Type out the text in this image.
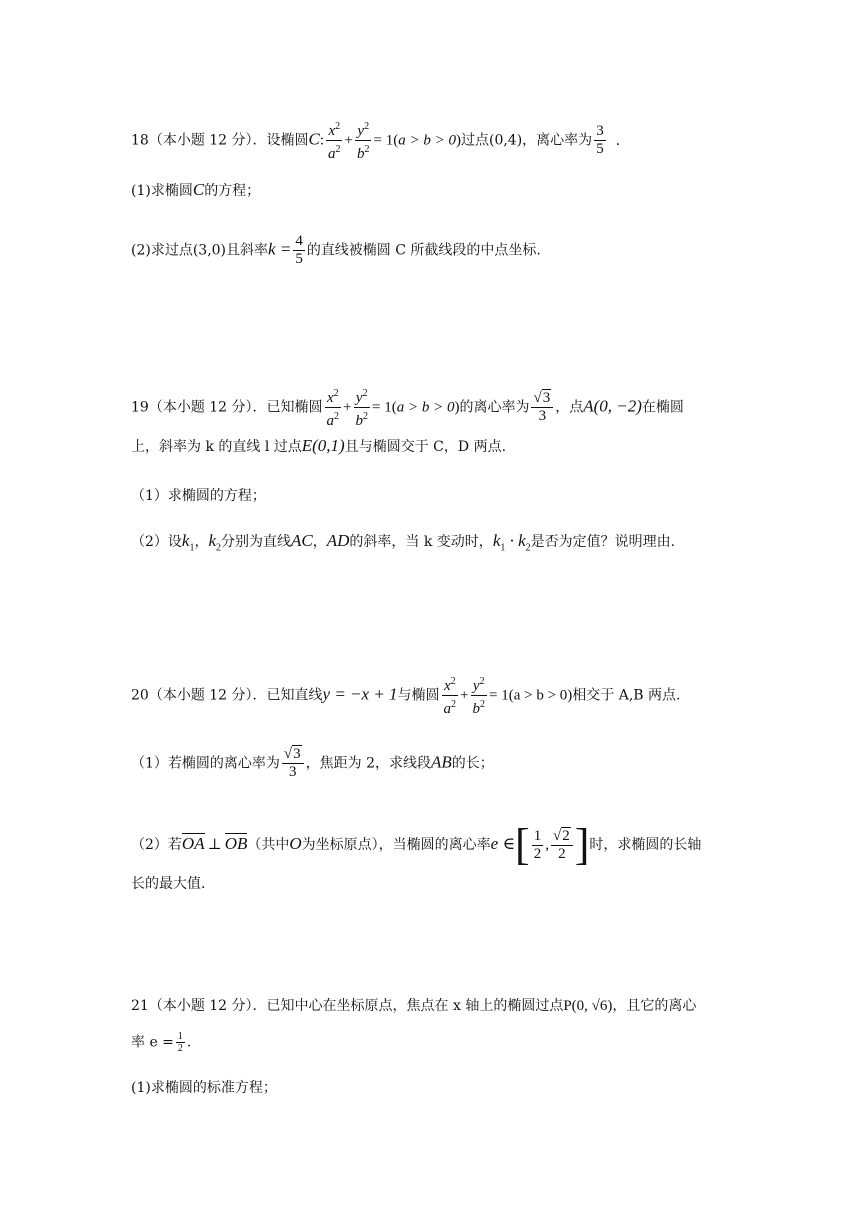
18（本小题 12 分）．设椭圆C: $\frac{x^2}{a^2} + \frac{y^2}{b^2} = 1(a > b > 0)$过点(0,4)，离心率为 $\frac{3}{5}$ ．
(1)求椭圆C的方程；
(2)求过点(3,0)且斜率$k = \frac{4}{5}$ 的直线被椭圆 C 所截线段的中点坐标.
19（本小题 12 分）．已知椭圆 $\frac{x^2}{a^2} + \frac{y^2}{b^2} = 1(a > b > 0)$的离心率为 $\frac{√3}{3}$ ，点A(0, −2)在椭圆
上，斜率为 k 的直线 l 过点E(0,1)且与椭圆交于 C，D 两点.
（1）求椭圆的方程；
（2）设$k_1$，$k_2$分别为直线AC，AD的斜率，当 k 变动时，$k_1 \cdot k_2$是否为定值？说明理由.
20（本小题 12 分）．已知直线y = −x + 1与椭圆 $\frac{x^2}{a^2} + \frac{y^2}{b^2} = 1(a > b > 0)$相交于 A,B 两点.
（1）若椭圆的离心率为 $\frac{√3}{3}$ ，焦距为 2，求线段AB的长；
（2）若OA ⊥ OB（共中O为坐标原点），当椭圆的离心率e ∈[ $\frac{1}{2}$ , $\frac{√2}{2}$ ]时，求椭圆的长轴
长的最大值.
21（本小题 12 分）．已知中心在坐标原点，焦点在 x 轴上的椭圆过点P(0, √6)，且它的离心
率 $e = \frac{1}{2}$ .
(1)求椭圆的标准方程；
